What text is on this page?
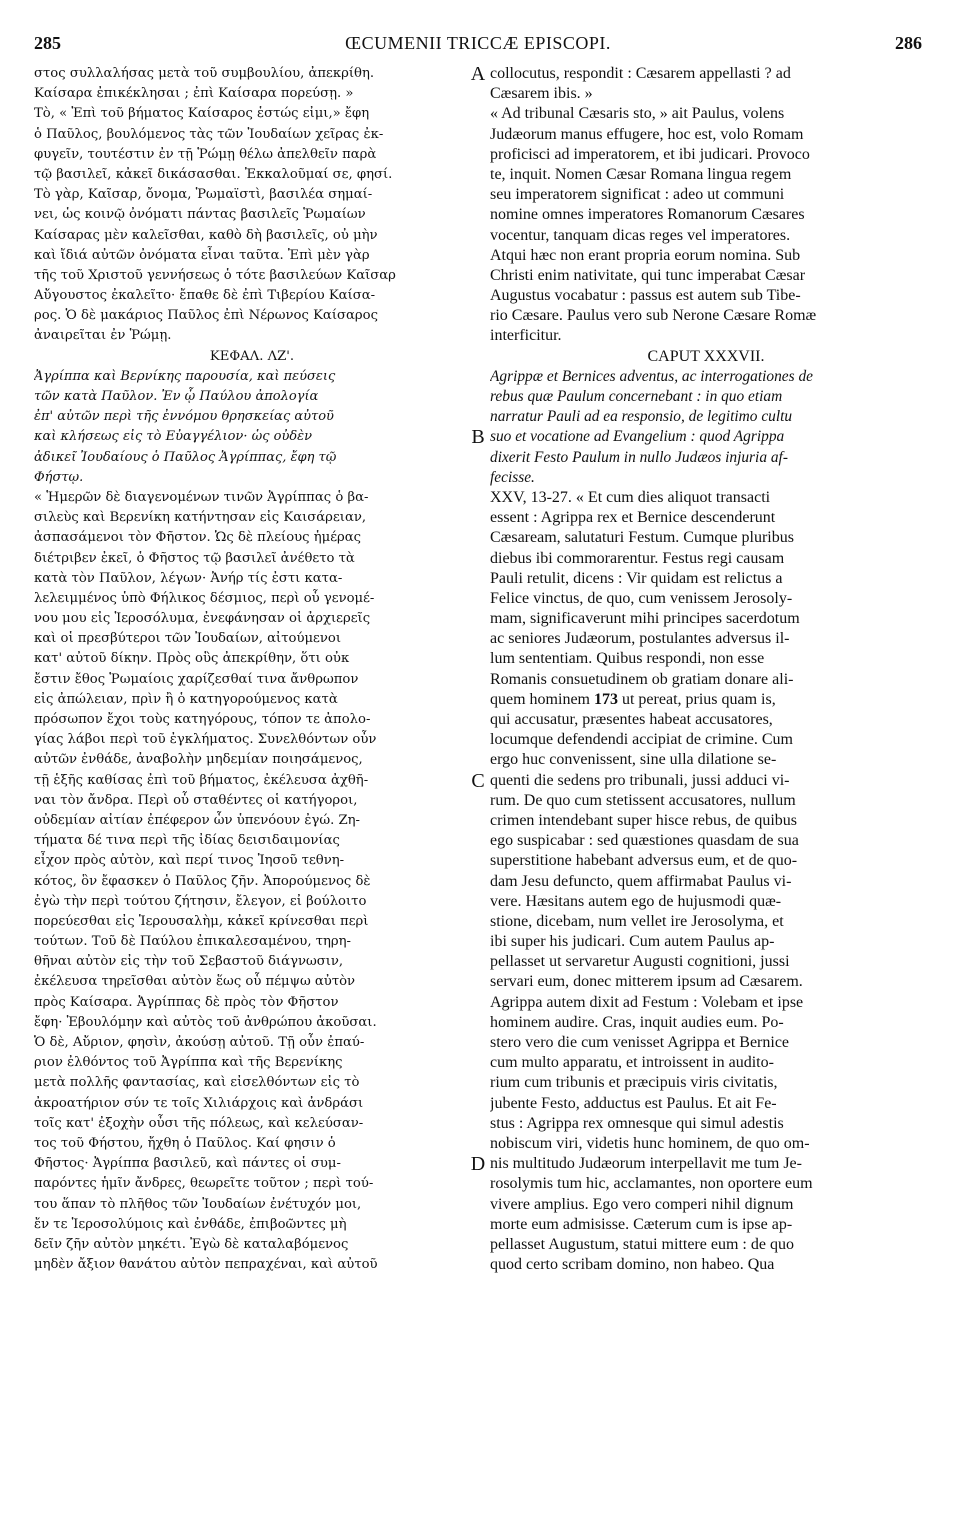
285	ŒCUMENII TRICCÆ EPISCOPI.	286
A
B
C
D
στος συλλαλήσας μετὰ τοῦ συμβουλίου, ἀπεκρίθη.
Καίσαρα ἐπικέκλησαι ; ἐπὶ Καίσαρα πορεύσῃ. »
Τὸ, « Ἐπὶ τοῦ βήματος Καίσαρος ἑστώς εἰμι,» ἔφη
ὁ Παῦλος, βουλόμενος τὰς τῶν Ἰουδαίων χεῖρας ἐκ-
φυγεῖν, τουτέστιν ἐν τῇ Ῥώμῃ θέλω ἀπελθεῖν παρὰ
τῷ βασιλεῖ, κἀκεῖ δικάσασθαι. Ἐκκαλοῦμαί σε, φησί.
Τὸ γὰρ, Καῖσαρ, ὄνομα, Ῥωμαϊστὶ, βασιλέα σημαί-
νει, ὡς κοινῷ ὀνόματι πάντας βασιλεῖς Ῥωμαίων
Καίσαρας μὲν καλεῖσθαι, καθὸ δὴ βασιλεῖς, οὐ μὴν
καὶ ἴδιά αὐτῶν ὀνόματα εἶναι ταῦτα. Ἐπὶ μὲν γὰρ
τῆς τοῦ Χριστοῦ γεννήσεως ὁ τότε βασιλεύων Καῖσαρ
Αὔγουστος ἐκαλεῖτο· ἔπαθε δὲ ἐπὶ Τιβερίου Καίσα-
ρος. Ὁ δὲ μακάριος Παῦλος ἐπὶ Νέρωνος Καίσαρος
ἀναιρεῖται ἐν Ῥώμῃ.
ΚΕΦΑΛ. ΛΖ'.
Ἀγρίππα καὶ Βερνίκης παρουσία, καὶ πεύσεις
τῶν κατὰ Παῦλον. Ἐν ᾧ Παύλου ἀπολογία
ἐπ' αὐτῶν περὶ τῆς ἐννόμου θρησκείας αὐτοῦ
καὶ κλήσεως εἰς τὸ Εὐαγγέλιον· ὡς οὐδὲν
ἀδικεῖ Ἰουδαίους ὁ Παῦλος Ἀγρίππας, ἔφη τῷ
Φήστῳ.
« Ἡμερῶν δὲ διαγενομένων τινῶν Ἀγρίππας ὁ βα-
σιλεὺς καὶ Βερενίκη κατήντησαν εἰς Καισάρειαν,
ἀσπασάμενοι τὸν Φῆστον. Ὡς δὲ πλείους ἡμέρας
διέτριβεν ἐκεῖ, ὁ Φῆστος τῷ βασιλεῖ ἀνέθετο τὰ
κατὰ τὸν Παῦλον, λέγων· Ἀνήρ τίς ἐστι κατα-
λελειμμένος ὑπὸ Φήλικος δέσμιος, περὶ οὗ γενομέ-
νου μου εἰς Ἱεροσόλυμα, ἐνεφάνησαν οἱ ἀρχιερεῖς
καὶ οἱ πρεσβύτεροι τῶν Ἰουδαίων, αἰτούμενοι
κατ' αὐτοῦ δίκην. Πρὸς οὓς ἀπεκρίθην, ὅτι οὐκ
ἔστιν ἔθος Ῥωμαίοις χαρίζεσθαί τινα ἄνθρωπον
εἰς ἀπώλειαν, πρὶν ἢ ὁ κατηγορούμενος κατὰ
πρόσωπον ἔχοι τοὺς κατηγόρους, τόπον τε ἀπολο-
γίας λάβοι περὶ τοῦ ἐγκλήματος. Συνελθόντων οὖν
αὐτῶν ἐνθάδε, ἀναβολὴν μηδεμίαν ποιησάμενος,
τῇ ἑξῆς καθίσας ἐπὶ τοῦ βήματος, ἐκέλευσα ἀχθῆ-
ναι τὸν ἄνδρα. Περὶ οὗ σταθέντες οἱ κατήγοροι,
οὐδεμίαν αἰτίαν ἐπέφερον ὧν ὑπενόουν ἐγώ. Ζη-
τήματα δέ τινα περὶ τῆς ἰδίας δεισιδαιμονίας
εἶχον πρὸς αὐτὸν, καὶ περί τινος Ἰησοῦ τεθνη-
κότος, ὃν ἔφασκεν ὁ Παῦλος ζῆν. Ἀπορούμενος δὲ
ἐγὼ τὴν περὶ τούτου ζήτησιν, ἔλεγον, εἰ βούλοιτο
πορεύεσθαι εἰς Ἱερουσαλὴμ, κἀκεῖ κρίνεσθαι περὶ
τούτων. Τοῦ δὲ Παύλου ἐπικαλεσαμένου, τηρη-
θῆναι αὐτὸν εἰς τὴν τοῦ Σεβαστοῦ διάγνωσιν,
ἐκέλευσα τηρεῖσθαι αὐτὸν ἕως οὗ πέμψω αὐτὸν
πρὸς Καίσαρα. Ἀγρίππας δὲ πρὸς τὸν Φῆστον
ἔφη· Ἐβουλόμην καὶ αὐτὸς τοῦ ἀνθρώπου ἀκοῦσαι.
Ὁ δὲ, Αὔριον, φησὶν, ἀκούσῃ αὐτοῦ. Τῇ οὖν ἐπαύ-
ριον ἐλθόντος τοῦ Ἀγρίππα καὶ τῆς Βερενίκης
μετὰ πολλῆς φαντασίας, καὶ εἰσελθόντων εἰς τὸ
ἀκροατήριον σύν τε τοῖς Χιλιάρχοις καὶ ἀνδράσι
τοῖς κατ' ἐξοχὴν οὖσι τῆς πόλεως, καὶ κελεύσαν-
τος τοῦ Φήστου, ἤχθη ὁ Παῦλος. Καί φησιν ὁ
Φῆστος· Ἀγρίππα βασιλεῦ, καὶ πάντες οἱ συμ-
παρόντες ἡμῖν ἄνδρες, θεωρεῖτε τοῦτον ; περὶ τού-
του ἅπαν τὸ πλῆθος τῶν Ἰουδαίων ἐνέτυχόν μοι,
ἔν τε Ἱεροσολύμοις καὶ ἐνθάδε, ἐπιβοῶντες μὴ
δεῖν ζῆν αὐτὸν μηκέτι. Ἐγὼ δὲ καταλαβόμενος
μηδὲν ἄξιον θανάτου αὐτὸν πεπραχέναι, καὶ αὐτοῦ
collocutus, respondit : Cæsarem appellasti ? ad
Cæsarem ibis. »
« Ad tribunal Cæsaris sto, » ait Paulus, volens
Judæorum manus effugere, hoc est, volo Romam
proficisci ad imperatorem, et ibi judicari. Provoco
te, inquit. Nomen Cæsar Romana lingua regem
seu imperatorem significat : adeo ut communi
nomine omnes imperatores Romanorum Cæsares
vocentur, tanquam dicas reges vel imperatores.
Atqui hæc non erant propria eorum nomina. Sub
Christi enim nativitate, qui tunc imperabat Cæsar
Augustus vocabatur : passus est autem sub Tibe-
rio Cæsare. Paulus vero sub Nerone Cæsare Romæ
interficitur.
CAPUT XXXVII.
Agrippæ et Bernices adventus, ac interrogationes de
rebus quæ Paulum concernebant : in quo etiam
narratur Pauli ad ea responsio, de legitimo cultu
suo et vocatione ad Evangelium : quod Agrippa
dixerit Festo Paulum in nullo Judæos injuria af-
fecisse.
XXV, 13-27. « Et cum dies aliquot transacti
essent : Agrippa rex et Bernice descenderunt
Cæsaream, salutaturi Festum. Cumque pluribus
diebus ibi commorarentur. Festus regi causam
Pauli retulit, dicens : Vir quidam est relictus a
Felice vinctus, de quo, cum venissem Jerosoly-
mam, significaverunt mihi principes sacerdotum
ac seniores Judæorum, postulantes adversus il-
lum sententiam. Quibus respondi, non esse
Romanis consuetudinem ob gratiam donare ali-
quem hominem 173 ut pereat, prius quam is,
qui accusatur, præsentes habeat accusatores,
locumque defendendi accipiat de crimine. Cum
ergo huc convenissent, sine ulla dilatione se-
quenti die sedens pro tribunali, jussi adduci vi-
rum. De quo cum stetissent accusatores, nullum
crimen intendebant super hisce rebus, de quibus
ego suspicabar : sed quæstiones quasdam de sua
superstitione habebant adversus eum, et de quo-
dam Jesu defuncto, quem affirmabat Paulus vi-
vere. Hæsitans autem ego de hujusmodi quæ-
stione, dicebam, num vellet ire Jerosolyma, et
ibi super his judicari. Cum autem Paulus ap-
pellasset ut servaretur Augusti cognitioni, jussi
servari eum, donec mitterem ipsum ad Cæsarem.
Agrippa autem dixit ad Festum : Volebam et ipse
hominem audire. Cras, inquit audies eum. Po-
stero vero die cum venisset Agrippa et Bernice
cum multo apparatu, et introissent in audito-
rium cum tribunis et præcipuis viris civitatis,
jubente Festo, adductus est Paulus. Et ait Fe-
stus : Agrippa rex omnesque qui simul adestis
nobiscum viri, videtis hunc hominem, de quo om-
nis multitudo Judæorum interpellavit me tum Je-
rosolymis tum hic, acclamantes, non oportere eum
vivere amplius. Ego vero comperi nihil dignum
morte eum admisisse. Cæterum cum is ipse ap-
pellasset Augustum, statui mittere eum : de quo
quod certo scribam domino, non habeo. Qua
